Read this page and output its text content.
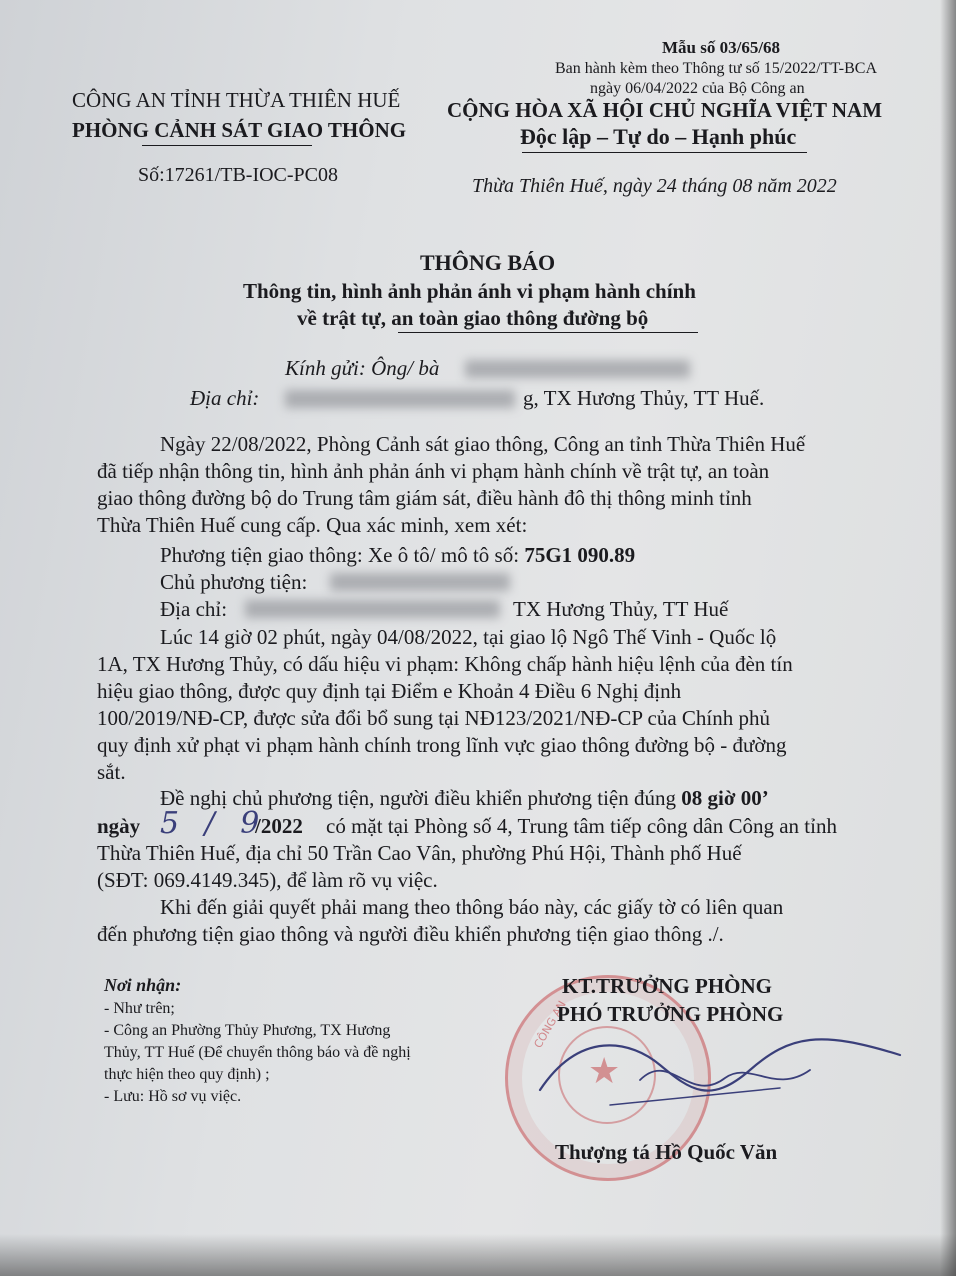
Mẫu số 03/65/68
Ban hành kèm theo Thông tư số 15/2022/TT-BCA
ngày 06/04/2022 của Bộ Công an
CÔNG AN TỈNH THỪA THIÊN HUẾ
PHÒNG CẢNH SÁT GIAO THÔNG
Số:17261/TB-IOC-PC08
CỘNG HÒA XÃ HỘI CHỦ NGHĨA VIỆT NAM
Độc lập – Tự do – Hạnh phúc
Thừa Thiên Huế, ngày 24 tháng 08 năm 2022
THÔNG BÁO
Thông tin, hình ảnh phản ánh vi phạm hành chính
về trật tự, an toàn giao thông đường bộ
Kính gửi: Ông/ bà
Địa chỉ:	g, TX Hương Thủy, TT Huế.
Ngày 22/08/2022, Phòng Cảnh sát giao thông, Công an tỉnh Thừa Thiên Huế
đã tiếp nhận thông tin, hình ảnh phản ánh vi phạm hành chính về trật tự, an toàn
giao thông đường bộ do Trung tâm giám sát, điều hành đô thị thông minh tỉnh
Thừa Thiên Huế cung cấp. Qua xác minh, xem xét:
Phương tiện giao thông: Xe ô tô/ mô tô số: 75G1 090.89
Chủ phương tiện:
Địa chỉ:	TX Hương Thủy, TT Huế
Lúc 14 giờ 02 phút, ngày 04/08/2022, tại giao lộ Ngô Thế Vinh - Quốc lộ
1A, TX Hương Thủy, có dấu hiệu vi phạm: Không chấp hành hiệu lệnh của đèn tín
hiệu giao thông, được quy định tại Điểm e Khoản 4 Điều 6 Nghị định
100/2019/NĐ-CP, được sửa đổi bổ sung tại NĐ123/2021/NĐ-CP của Chính phủ
quy định xử phạt vi phạm hành chính trong lĩnh vực giao thông đường bộ - đường
sắt.
Đề nghị chủ phương tiện, người điều khiển phương tiện đúng 08 giờ 00’
ngày 5 / 9
/2022 có mặt tại Phòng số 4, Trung tâm tiếp công dân Công an tỉnh
Thừa Thiên Huế, địa chỉ 50 Trần Cao Vân, phường Phú Hội, Thành phố Huế
(SĐT: 069.4149.345), để làm rõ vụ việc.
Khi đến giải quyết phải mang theo thông báo này, các giấy tờ có liên quan
đến phương tiện giao thông và người điều khiển phương tiện giao thông ./.
Nơi nhận:
- Như trên;
- Công an Phường Thủy Phương, TX Hương
Thủy, TT Huế (Để chuyển thông báo và đề nghị
thực hiện theo quy định) ;
- Lưu: Hồ sơ vụ việc.
★
CÔNG AN
KT.TRƯỞNG PHÒNG
PHÓ TRƯỞNG PHÒNG
Thượng tá Hồ Quốc Văn
